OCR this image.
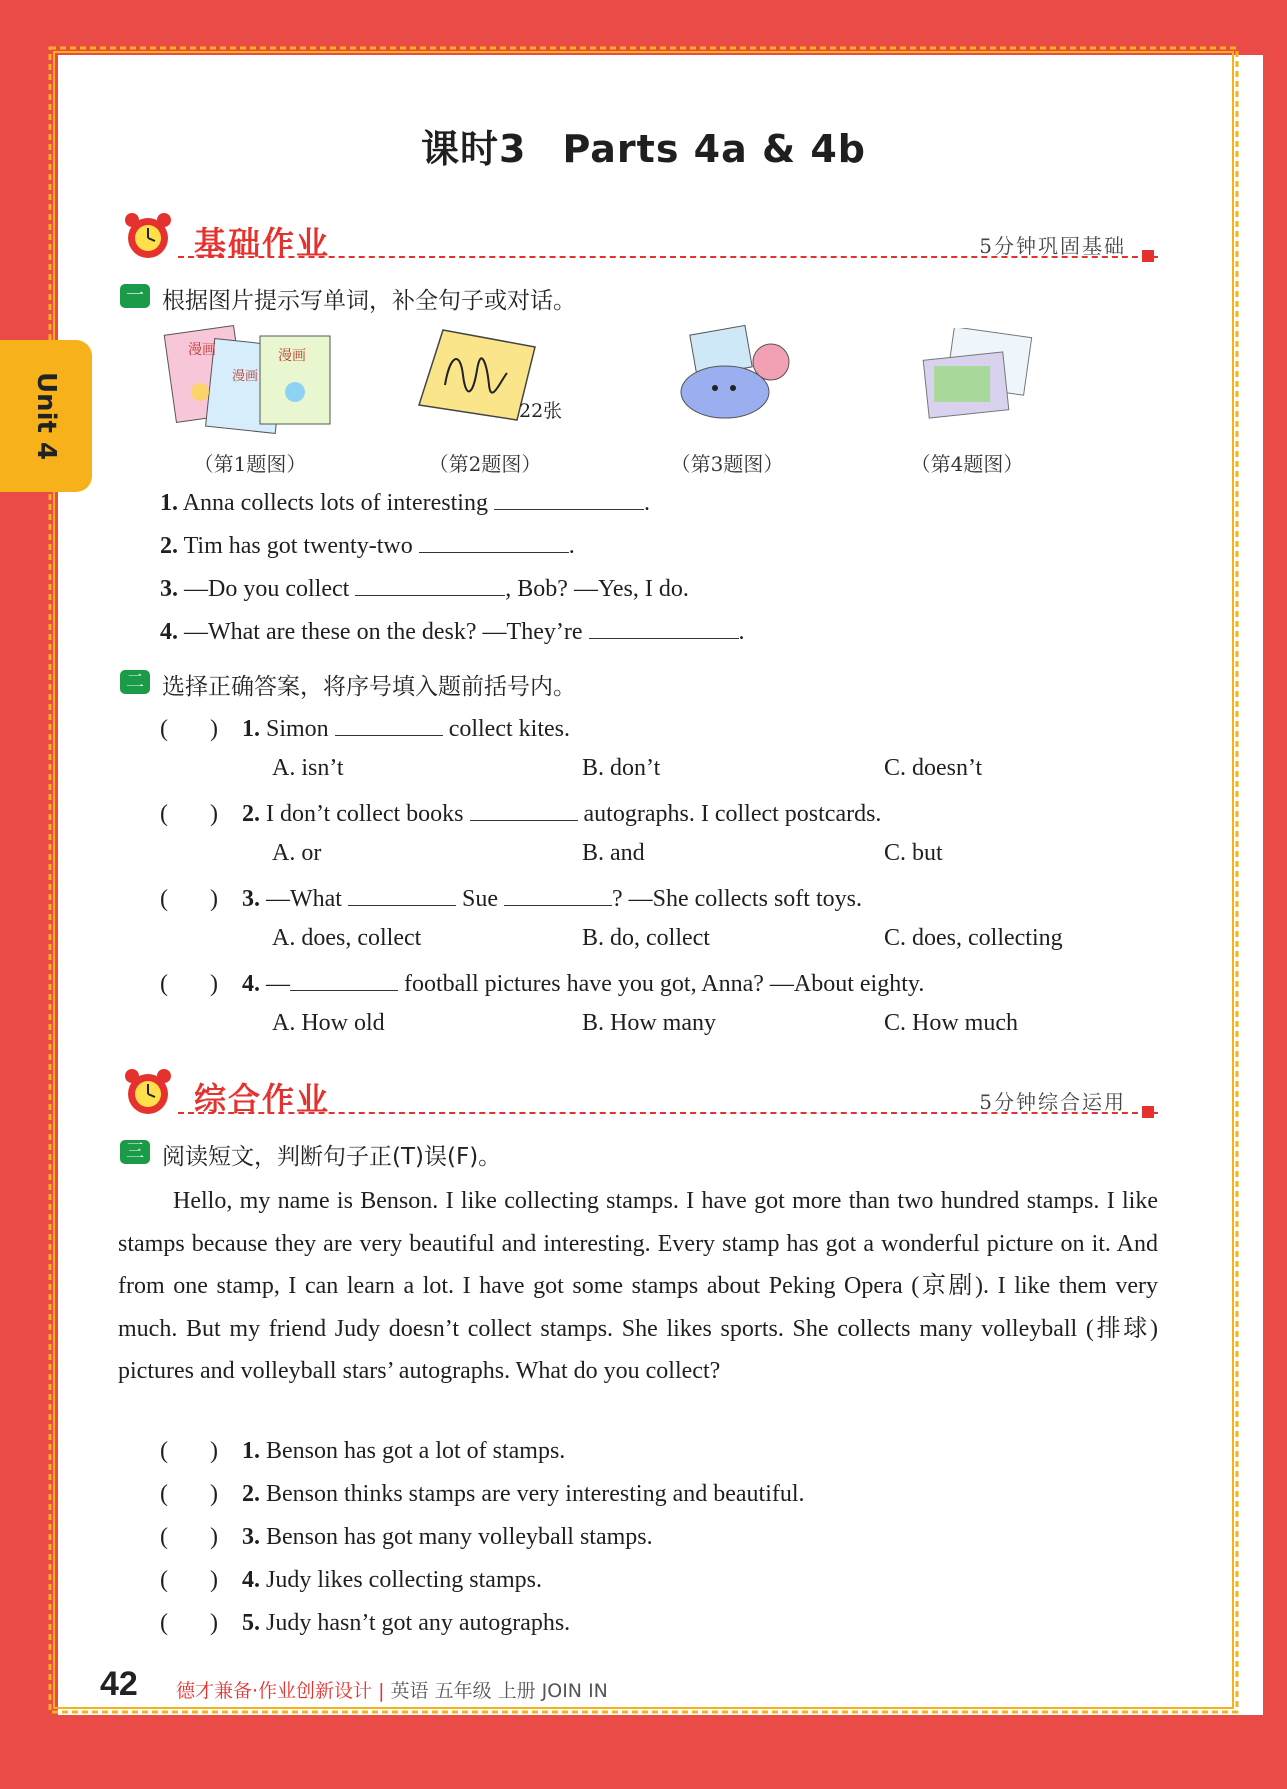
课时3 Parts 4a & 4b
Unit 4
基础作业	5分钟巩固基础
一 根据图片提示写单词，补全句子或对话。
漫画
漫画
漫画
22张
（第1题图）	（第2题图）	（第3题图）	（第4题图）
1. Anna collects lots of interesting	.
2. Tim has got twenty-two	.
3. —Do you collect	, Bob? —Yes, I do.
4. —What are these on the desk? —They’re	.
二 选择正确答案，将序号填入题前括号内。
(       ) 1. Simon	collect kites.
A. isn’t	B. don’t	C. doesn’t
(       ) 2. I don’t collect books	autographs. I collect postcards.
A. or	B. and	C. but
(       ) 3. —What	Sue	? —She collects soft toys.
A. does, collect	B. do, collect	C. does, collecting
(       ) 4. —	football pictures have you got, Anna? —About eighty.
A. How old	B. How many	C. How much
综合作业	5分钟综合运用
三 阅读短文，判断句子正(T)误(F)。
Hello, my name is Benson. I like collecting stamps. I have got more than two hundred stamps. I like stamps because they are very beautiful and interesting. Every stamp has got a wonderful picture on it. And from one stamp, I can learn a lot. I have got some stamps about Peking Opera (京剧). I like them very much. But my friend Judy doesn’t collect stamps. She likes sports. She collects many volleyball (排球) pictures and volleyball stars’ autographs. What do you collect?
(       ) 1. Benson has got a lot of stamps.
(       ) 2. Benson thinks stamps are very interesting and beautiful.
(       ) 3. Benson has got many volleyball stamps.
(       ) 4. Judy likes collecting stamps.
(       ) 5. Judy hasn’t got any autographs.
42 德才兼备·作业创新设计 | 英语 五年级 上册 JOIN IN
